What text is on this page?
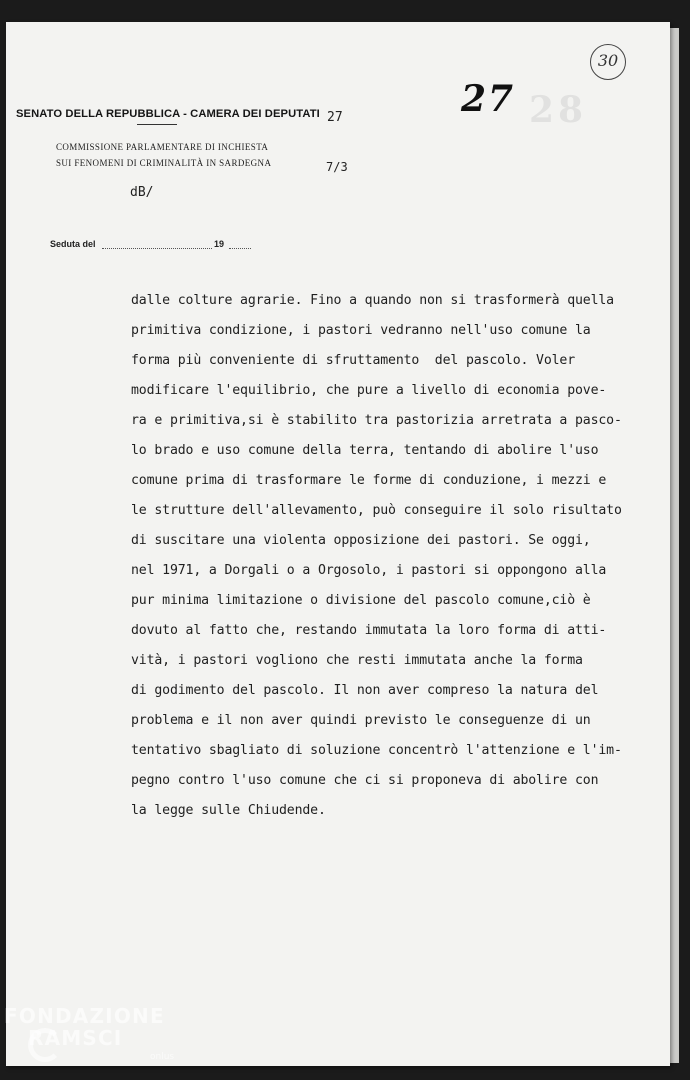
30
28
27
SENATO DELLA REPUBBLICA - CAMERA DEI DEPUTATI
COMMISSIONE PARLAMENTARE DI INCHIESTA
SUI FENOMENI DI CRIMINALITÀ IN SARDEGNA
27
7/3
dB/
Seduta del	19
dalle colture agrarie. Fino a quando non si trasformerà quella
primitiva condizione, i pastori vedranno nell'uso comune la
forma più conveniente di sfruttamento  del pascolo. Voler
modificare l'equilibrio, che pure a livello di economia pove-
ra e primitiva,si è stabilito tra pastorizia arretrata a pasco-
lo brado e uso comune della terra, tentando di abolire l'uso
comune prima di trasformare le forme di conduzione, i mezzi e
le strutture dell'allevamento, può conseguire il solo risultato
di suscitare una violenta opposizione dei pastori. Se oggi,
nel 1971, a Dorgali o a Orgosolo, i pastori si oppongono alla
pur minima limitazione o divisione del pascolo comune,ciò è
dovuto al fatto che, restando immutata la loro forma di atti-
vità, i pastori vogliono che resti immutata anche la forma
di godimento del pascolo. Il non aver compreso la natura del
problema e il non aver quindi previsto le conseguenze di un
tentativo sbagliato di soluzione concentrò l'attenzione e l'im-
pegno contro l'uso comune che ci si proponeva di abolire con
la legge sulle Chiudende.
FONDAZIONE
RAMSCI
onlus
